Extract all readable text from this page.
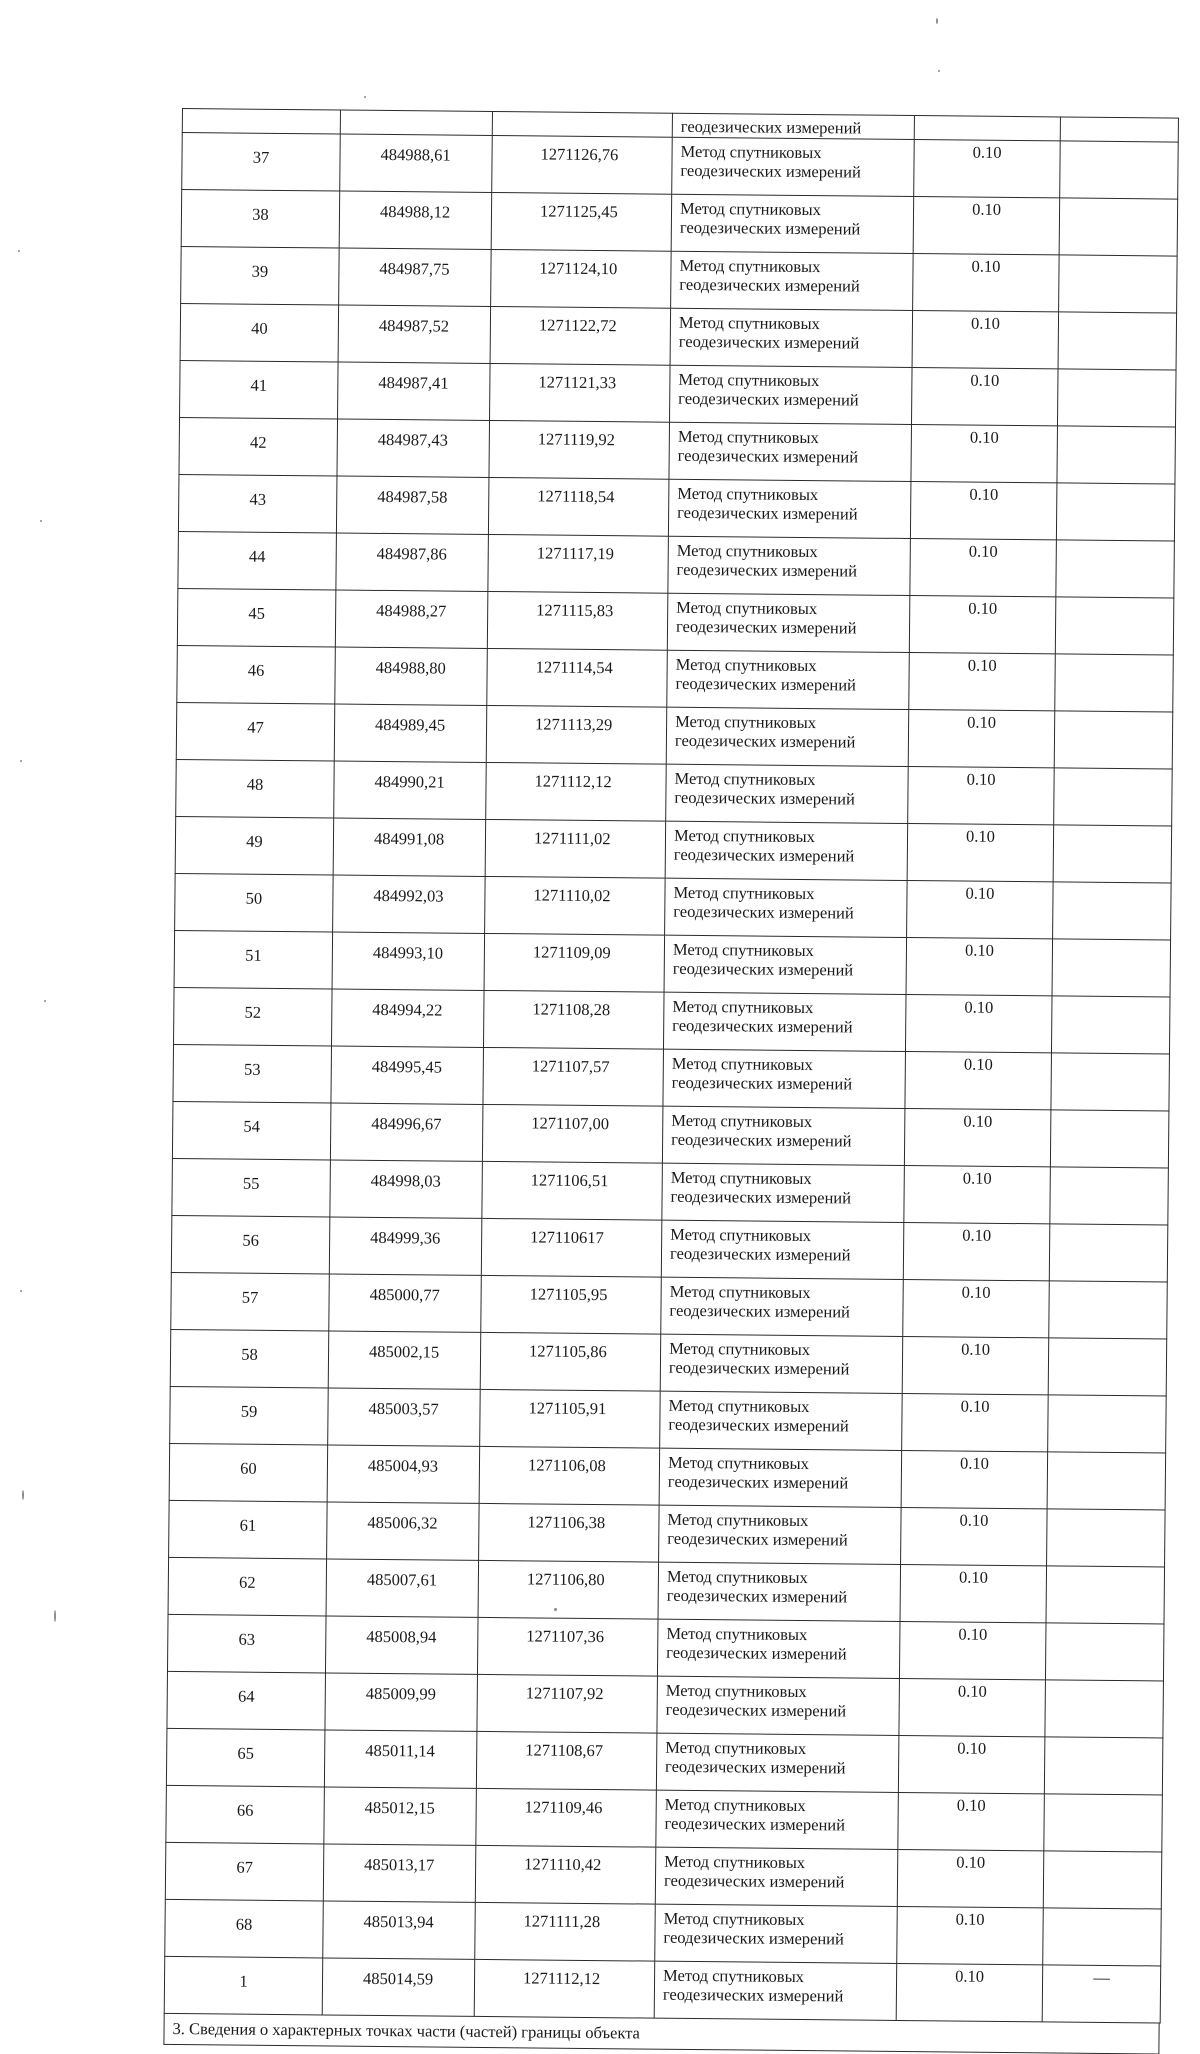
			геодезических измерений		
37	484988,61	1271126,76	Метод спутниковых
геодезических измерений	0.10	
38	484988,12	1271125,45	Метод спутниковых
геодезических измерений	0.10	
39	484987,75	1271124,10	Метод спутниковых
геодезических измерений	0.10	
40	484987,52	1271122,72	Метод спутниковых
геодезических измерений	0.10	
41	484987,41	1271121,33	Метод спутниковых
геодезических измерений	0.10	
42	484987,43	1271119,92	Метод спутниковых
геодезических измерений	0.10	
43	484987,58	1271118,54	Метод спутниковых
геодезических измерений	0.10	
44	484987,86	1271117,19	Метод спутниковых
геодезических измерений	0.10	
45	484988,27	1271115,83	Метод спутниковых
геодезических измерений	0.10	
46	484988,80	1271114,54	Метод спутниковых
геодезических измерений	0.10	
47	484989,45	1271113,29	Метод спутниковых
геодезических измерений	0.10	
48	484990,21	1271112,12	Метод спутниковых
геодезических измерений	0.10	
49	484991,08	1271111,02	Метод спутниковых
геодезических измерений	0.10	
50	484992,03	1271110,02	Метод спутниковых
геодезических измерений	0.10	
51	484993,10	1271109,09	Метод спутниковых
геодезических измерений	0.10	
52	484994,22	1271108,28	Метод спутниковых
геодезических измерений	0.10	
53	484995,45	1271107,57	Метод спутниковых
геодезических измерений	0.10	
54	484996,67	1271107,00	Метод спутниковых
геодезических измерений	0.10	
55	484998,03	1271106,51	Метод спутниковых
геодезических измерений	0.10	
56	484999,36	127110617	Метод спутниковых
геодезических измерений	0.10	
57	485000,77	1271105,95	Метод спутниковых
геодезических измерений	0.10	
58	485002,15	1271105,86	Метод спутниковых
геодезических измерений	0.10	
59	485003,57	1271105,91	Метод спутниковых
геодезических измерений	0.10	
60	485004,93	1271106,08	Метод спутниковых
геодезических измерений	0.10	
61	485006,32	1271106,38	Метод спутниковых
геодезических измерений	0.10	
62	485007,61	1271106,80	Метод спутниковых
геодезических измерений	0.10	
63	485008,94	1271107,36	Метод спутниковых
геодезических измерений	0.10	
64	485009,99	1271107,92	Метод спутниковых
геодезических измерений	0.10	
65	485011,14	1271108,67	Метод спутниковых
геодезических измерений	0.10	
66	485012,15	1271109,46	Метод спутниковых
геодезических измерений	0.10	
67	485013,17	1271110,42	Метод спутниковых
геодезических измерений	0.10	
68	485013,94	1271111,28	Метод спутниковых
геодезических измерений	0.10	
1	485014,59	1271112,12	Метод спутниковых
геодезических измерений	0.10	—
3. Сведения о характерных точках части (частей) границы объекта
